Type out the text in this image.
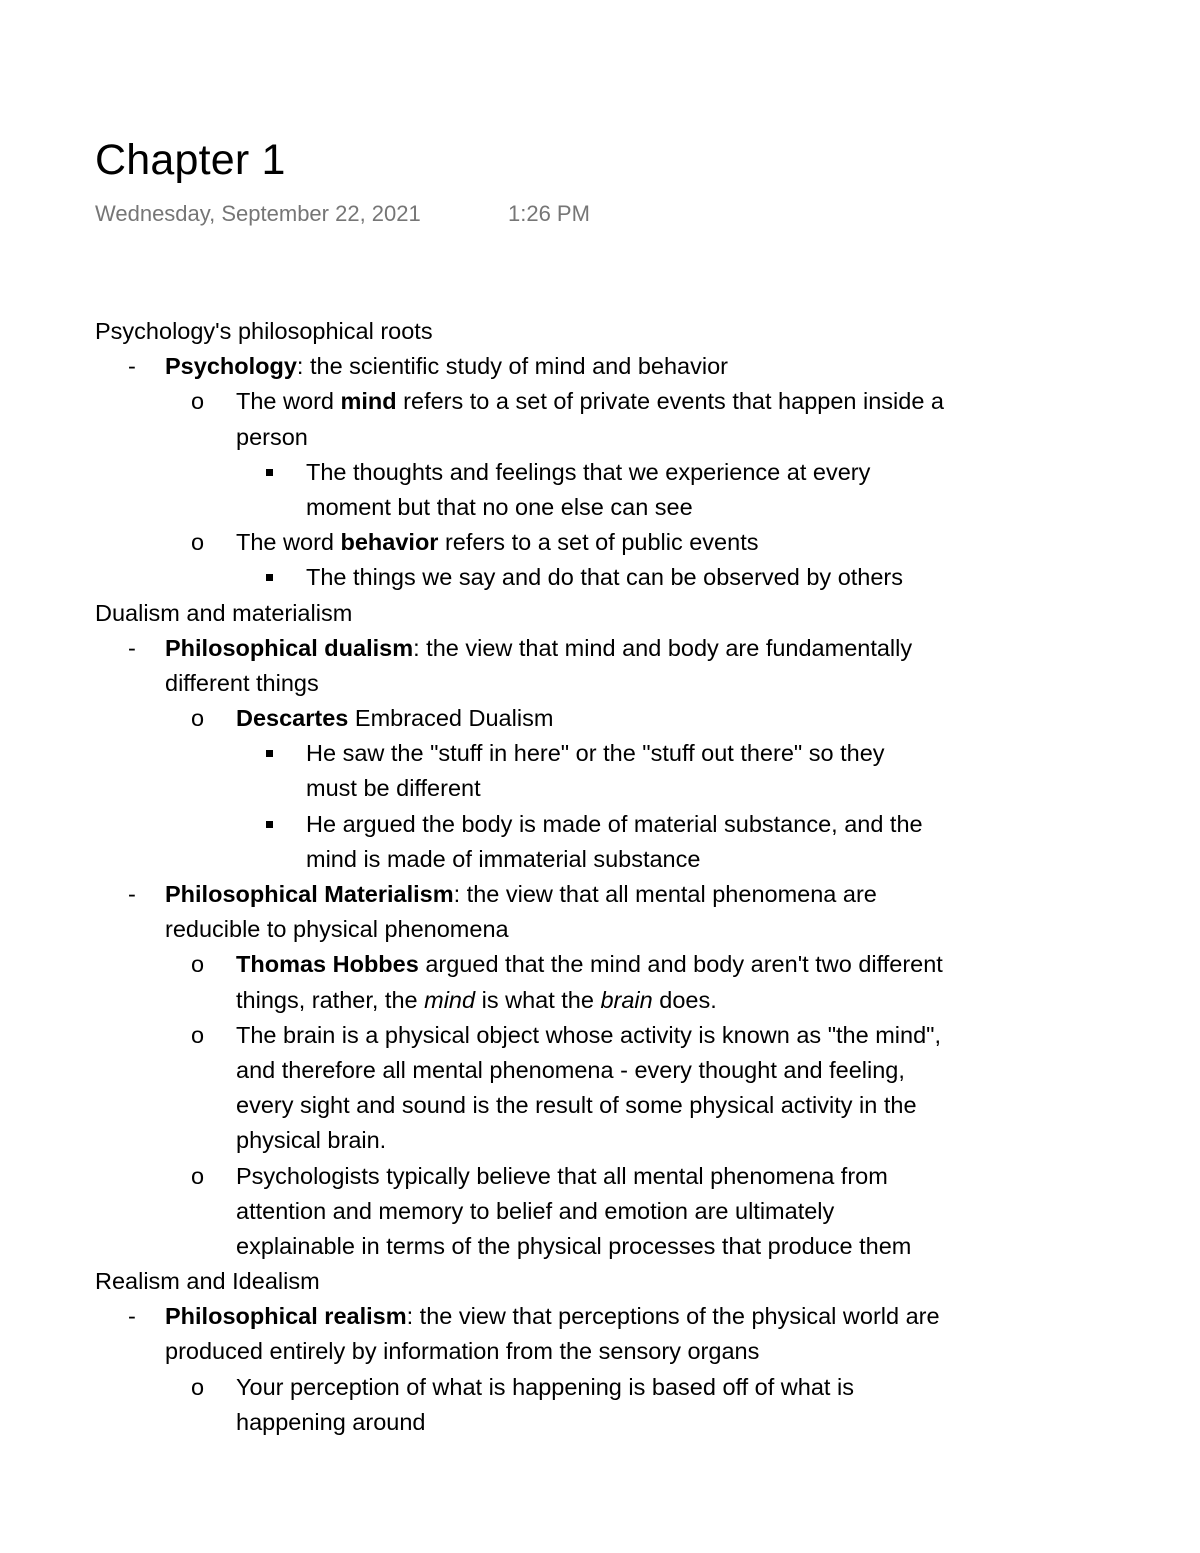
Chapter 1
Wednesday, September 22, 2021	1:26 PM
Psychology's philosophical roots
- Psychology: the scientific study of mind and behavior
o The word mind refers to a set of private events that happen inside a
person
The thoughts and feelings that we experience at every
moment but that no one else can see
o The word behavior refers to a set of public events
The things we say and do that can be observed by others
Dualism and materialism
- Philosophical dualism: the view that mind and body are fundamentally
different things
o Descartes Embraced Dualism
He saw the "stuff in here" or the "stuff out there" so they
must be different
He argued the body is made of material substance, and the
mind is made of immaterial substance
- Philosophical Materialism: the view that all mental phenomena are
reducible to physical phenomena
o Thomas Hobbes argued that the mind and body aren't two different
things, rather, the mind is what the brain does.
o The brain is a physical object whose activity is known as "the mind",
and therefore all mental phenomena - every thought and feeling,
every sight and sound is the result of some physical activity in the
physical brain.
o Psychologists typically believe that all mental phenomena from
attention and memory to belief and emotion are ultimately
explainable in terms of the physical processes that produce them
Realism and Idealism
- Philosophical realism: the view that perceptions of the physical world are
produced entirely by information from the sensory organs
o Your perception of what is happening is based off of what is
happening around
